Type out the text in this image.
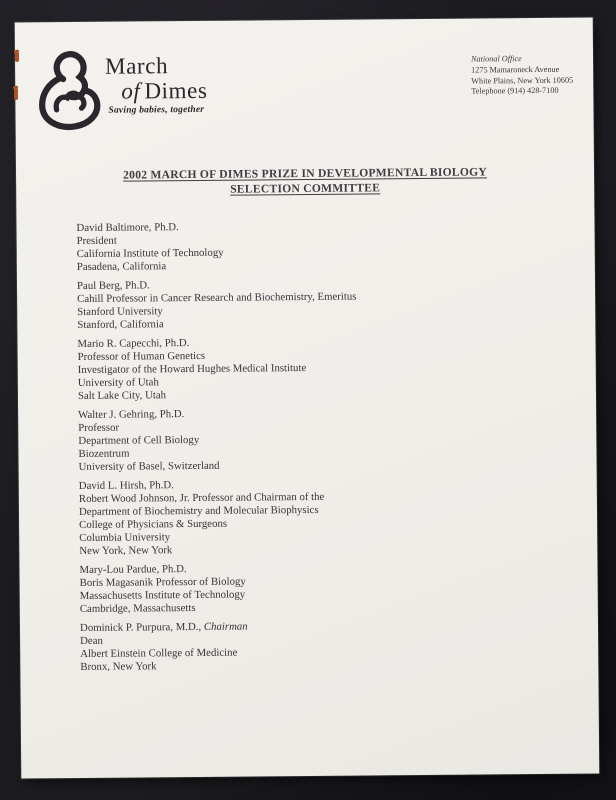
March
of Dimes
Saving babies, together
National Office
1275 Mamaroneck Avenue
White Plains, New York 10605
Telephone (914) 428-7100
2002 MARCH OF DIMES PRIZE IN DEVELOPMENTAL BIOLOGY
SELECTION COMMITTEE
David Baltimore, Ph.D.
President
California Institute of Technology
Pasadena, California
Paul Berg, Ph.D.
Cahill Professor in Cancer Research and Biochemistry, Emeritus
Stanford University
Stanford, California
Mario R. Capecchi, Ph.D.
Professor of Human Genetics
Investigator of the Howard Hughes Medical Institute
University of Utah
Salt Lake City, Utah
Walter J. Gehring, Ph.D.
Professor
Department of Cell Biology
Biozentrum
University of Basel, Switzerland
David L. Hirsh, Ph.D.
Robert Wood Johnson, Jr. Professor and Chairman of the
Department of Biochemistry and Molecular Biophysics
College of Physicians & Surgeons
Columbia University
New York, New York
Mary-Lou Pardue, Ph.D.
Boris Magasanik Professor of Biology
Massachusetts Institute of Technology
Cambridge, Massachusetts
Dominick P. Purpura, M.D., Chairman
Dean
Albert Einstein College of Medicine
Bronx, New York
